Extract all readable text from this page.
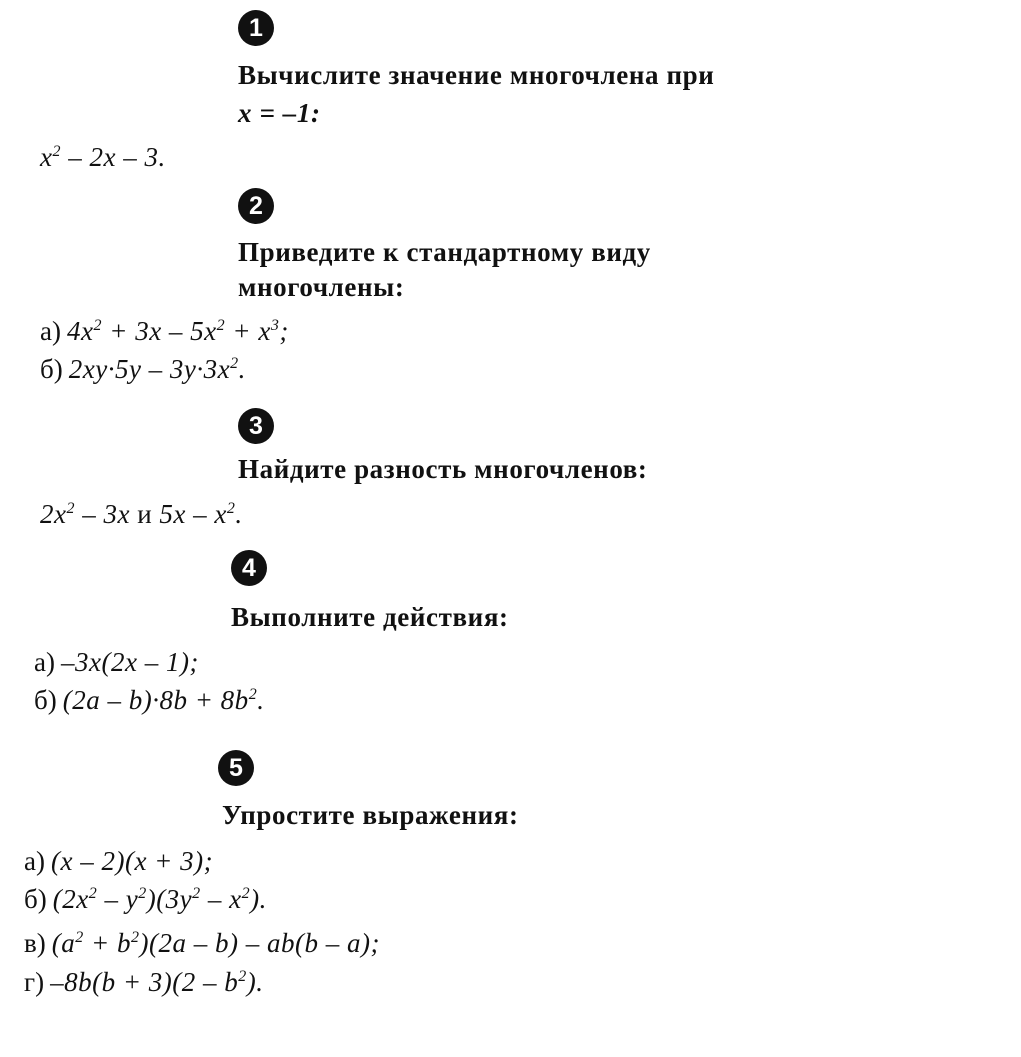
1
Вычислите значение многочлена при
x = –1:
$x^2 - 2x - 3$.
2
Приведите к стандартному виду
многочлены:
а) $4x^2 + 3x - 5x^2 + x^3$;
б) $2xy\cdot 5y - 3y\cdot 3x^2$.
3
Найдите разность многочленов:
$2x^2 - 3x$ и $5x - x^2$.
4
Выполните действия:
а) –3x(2x – 1);
б) $(2a - b)\cdot 8b + 8b^2$.
5
Упростите выражения:
а) (x – 2)(x + 3);
б) $(2x^2 - y^2)(3y^2 - x^2)$.
в) $(a^2 + b^2)(2a - b) - ab(b - a)$;
г) $-8b(b + 3)(2 - b^2)$.
